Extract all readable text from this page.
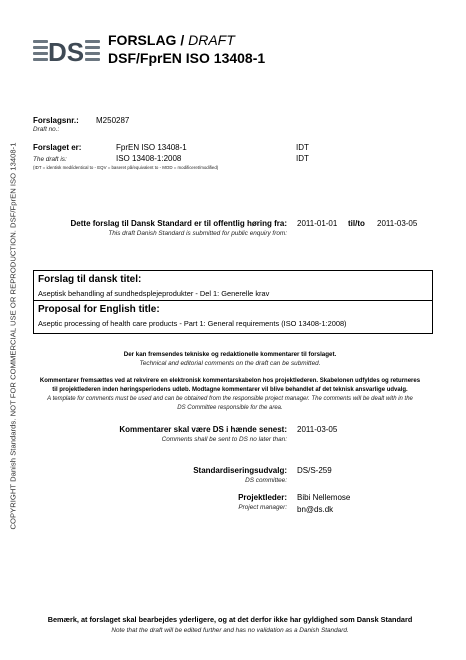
COPYRIGHT Danish Standards. NOT FOR COMMERCIAL USE OR REPRODUCTION. DSF/FprEN ISO 13408-1
DS FORSLAG / DRAFT
DSF/FprEN ISO 13408-1
Forslagsnr.: M250287
Draft no.:
Forslaget er:	FprEN ISO 13408-1	IDT
The draft is:	ISO 13408-1:2008	IDT
(IDT = identisk med/identical to - EQV = baseret på/equivalent to - MOD = modificeret/modified)
Dette forslag til Dansk Standard er til offentlig høring fra:
This draft Danish Standard is submitted for public enquiry from:
2011-01-01 til/to 2011-03-05
Forslag til dansk titel:
Aseptisk behandling af sundhedsplejeprodukter - Del 1: Generelle krav
Proposal for English title:
Aseptic processing of health care products - Part 1: General requirements (ISO 13408-1:2008)
Der kan fremsendes tekniske og redaktionelle kommentarer til forslaget.
Technical and editorial comments on the draft can be submitted.
Kommentarer fremsættes ved at rekvirere en elektronisk kommentarskabelon hos projektlederen. Skabelonen udfyldes og returneres
til projektlederen inden høringsperiodens udløb. Modtagne kommentarer vil blive behandlet af det teknisk ansvarlige udvalg.
A template for comments must be used and can be obtained from the responsible project manager. The comments will be dealt with in the
DS Committee responsible for the area.
Kommentarer skal være DS i hænde senest:
Comments shall be sent to DS no later than:
2011-03-05
Standardiseringsudvalg:
DS committee:
DS/S-259
Projektleder:
Project manager:
Bibi Nellemose
bn@ds.dk
Bemærk, at forslaget skal bearbejdes yderligere, og at det derfor ikke har gyldighed som Dansk Standard
Note that the draft will be edited further and has no validation as a Danish Standard.
